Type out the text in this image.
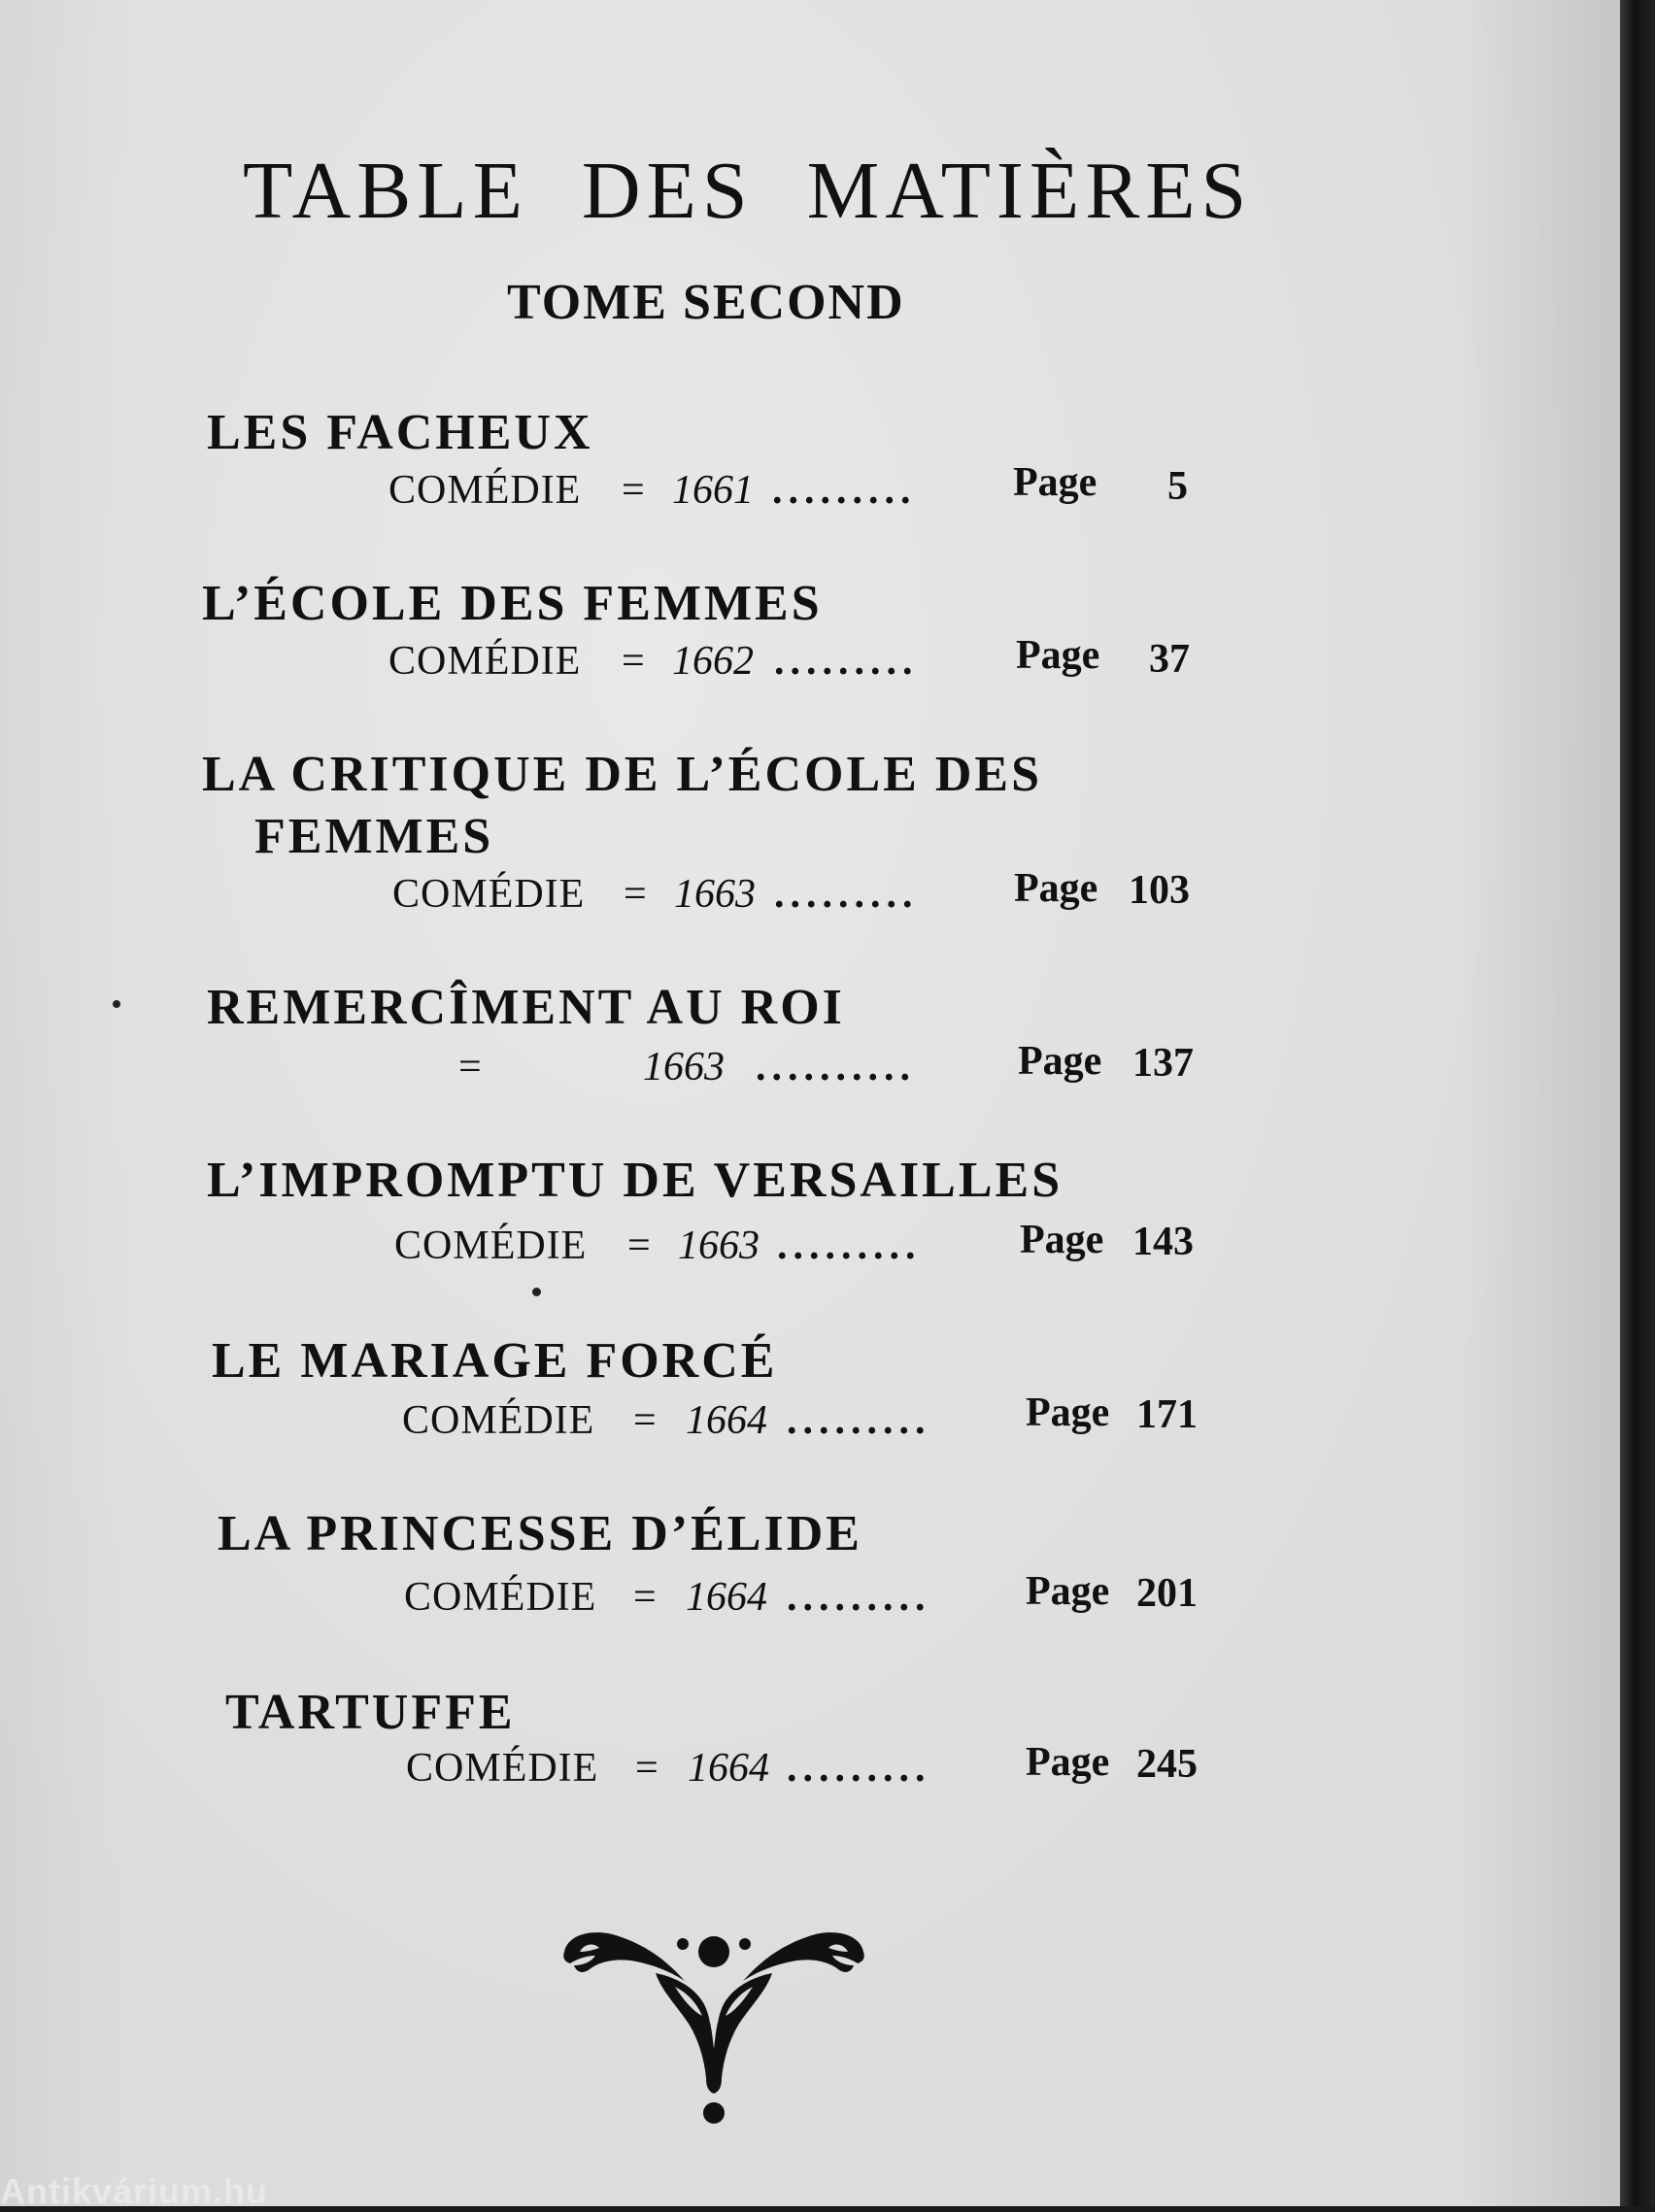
TABLE DES MATIÈRES
TOME SECOND
LES FACHEUX
COMÉDIE = 1661 ......... Page 5
L’ÉCOLE DES FEMMES
COMÉDIE = 1662 ......... Page 37
LA CRITIQUE DE L’ÉCOLE DES
FEMMES
COMÉDIE = 1663 ......... Page 103
REMERCÎMENT AU ROI
=	1663 ..........	Page 137
L’IMPROMPTU DE VERSAILLES
COMÉDIE = 1663 ......... Page 143
LE MARIAGE FORCÉ
COMÉDIE = 1664 ......... Page 171
LA PRINCESSE D’ÉLIDE
COMÉDIE = 1664 ......... Page 201
TARTUFFE
COMÉDIE = 1664 ......... Page 245
Antikvárium.hu
